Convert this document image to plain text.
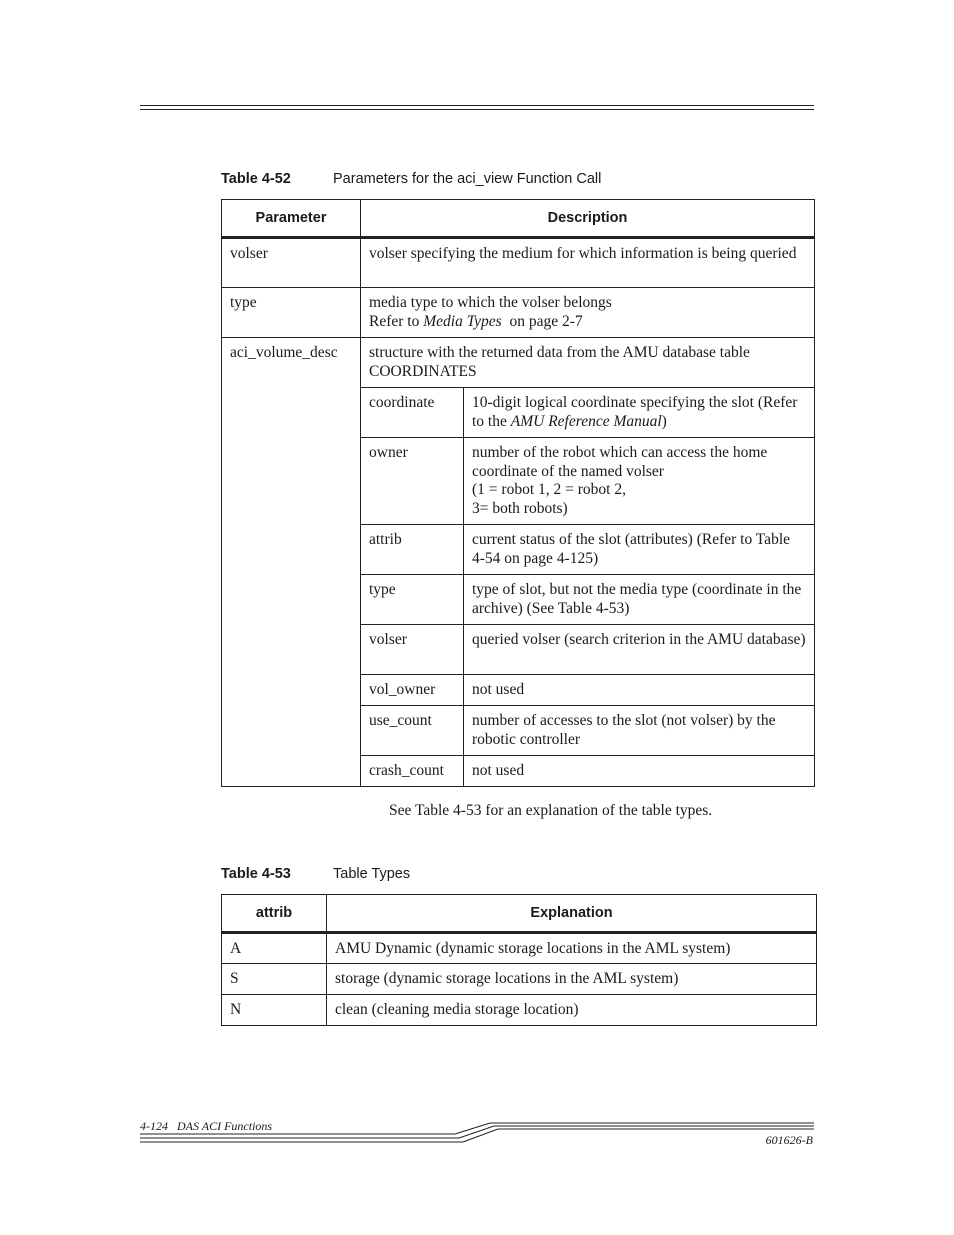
Table 4-52	Parameters for the aci_view Function Call
Parameter	Description	
volser	volser specifying the medium for which information is being queried	
type	media type to which the volser belongs
Refer to Media Types  on page 2-7	
aci_volume_desc	structure with the returned data from the AMU database table COORDINATES	
	coordinate	10-digit logical coordinate specifying the slot (Refer to the AMU Reference Manual)
	owner	number of the robot which can access the home coordinate of the named volser
(1 = robot 1, 2 = robot 2,
3= both robots)
	attrib	current status of the slot (attributes) (Refer to Table 4-54 on page 4-125)
	type	type of slot, but not the media type (coordinate in the archive) (See Table 4-53)
	volser	queried volser (search criterion in the AMU database)
	vol_owner	not used
	use_count	number of accesses to the slot (not volser) by the robotic controller
	crash_count	not used
See Table 4-53 for an explanation of the table types.
Table 4-53	Table Types
attrib	Explanation
A	AMU Dynamic (dynamic storage locations in the AML system)
S	storage (dynamic storage locations in the AML system)
N	clean (cleaning media storage location)
4-124   DAS ACI Functions
601626-B
